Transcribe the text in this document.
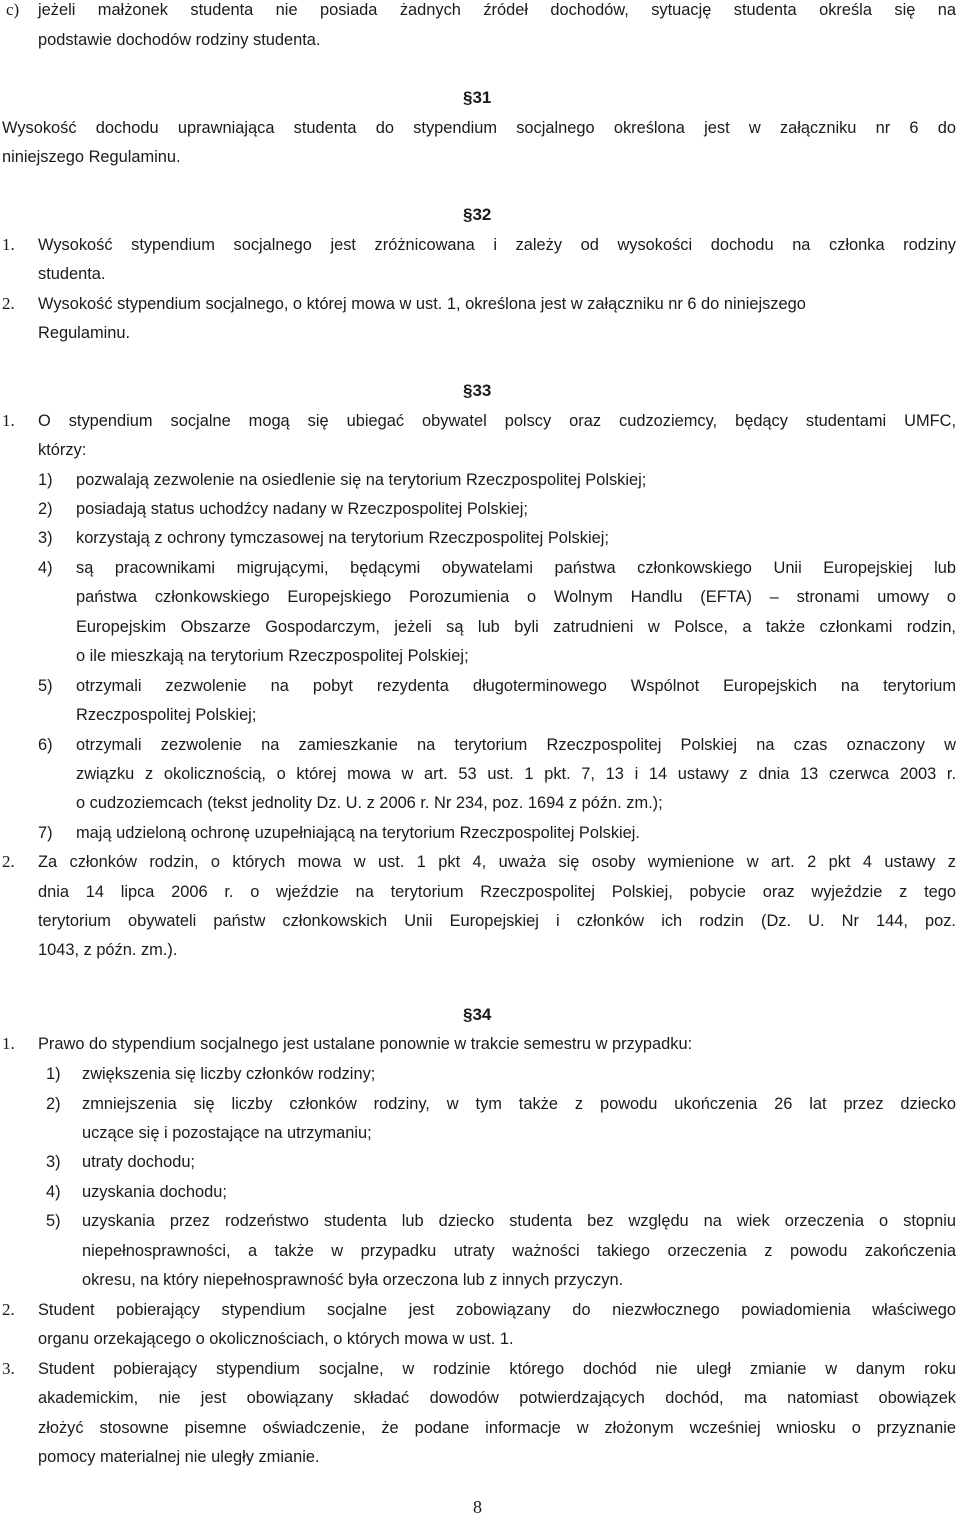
c) jeżeli małżonek studenta nie posiada żadnych źródeł dochodów, sytuację studenta określa się na
podstawie dochodów rodziny studenta.
§ 31
Wysokość dochodu uprawniająca studenta do stypendium socjalnego określona jest w załączniku nr 6 do
niniejszego Regulaminu.
§ 32
1. Wysokość stypendium socjalnego jest zróżnicowana i zależy od wysokości dochodu na członka rodziny
studenta.
2. Wysokość stypendium socjalnego, o której mowa w ust. 1, określona jest w załączniku nr 6 do niniejszego
Regulaminu.
§ 33
1. O stypendium socjalne mogą się ubiegać obywatel polscy oraz cudzoziemcy, będący studentami UMFC,
którzy:
1) pozwalają zezwolenie na osiedlenie się na terytorium Rzeczpospolitej Polskiej;
2) posiadają status uchodźcy nadany w Rzeczpospolitej Polskiej;
3) korzystają z ochrony tymczasowej na terytorium Rzeczpospolitej Polskiej;
4) są pracownikami migrującymi, będącymi obywatelami państwa członkowskiego Unii Europejskiej lub
państwa członkowskiego Europejskiego Porozumienia o Wolnym Handlu (EFTA) – stronami umowy o
Europejskim Obszarze Gospodarczym, jeżeli są lub byli zatrudnieni w Polsce, a także członkami rodzin,
o ile mieszkają na terytorium Rzeczpospolitej Polskiej;
5) otrzymali zezwolenie na pobyt rezydenta długoterminowego Wspólnot Europejskich na terytorium
Rzeczpospolitej Polskiej;
6) otrzymali zezwolenie na zamieszkanie na terytorium Rzeczpospolitej Polskiej na czas oznaczony w
związku z okolicznością, o której mowa w art. 53 ust. 1 pkt. 7, 13 i 14 ustawy z dnia 13 czerwca 2003 r.
o cudzoziemcach (tekst jednolity Dz. U. z 2006 r. Nr 234, poz. 1694 z późn. zm.);
7) mają udzieloną ochronę uzupełniającą na terytorium Rzeczpospolitej Polskiej.
2. Za członków rodzin, o których mowa w ust. 1 pkt 4, uważa się osoby wymienione w art. 2 pkt 4 ustawy z
dnia 14 lipca 2006 r. o wjeździe na terytorium Rzeczpospolitej Polskiej, pobycie oraz wyjeździe z tego
terytorium obywateli państw członkowskich Unii Europejskiej i członków ich rodzin (Dz. U. Nr 144, poz.
1043, z późn. zm.).
§ 34
1. Prawo do stypendium socjalnego jest ustalane ponownie w trakcie semestru w przypadku:
1) zwiększenia się liczby członków rodziny;
2) zmniejszenia się liczby członków rodziny, w tym także z powodu ukończenia 26 lat przez dziecko
uczące się i pozostające na utrzymaniu;
3) utraty dochodu;
4) uzyskania dochodu;
5) uzyskania przez rodzeństwo studenta lub dziecko studenta bez względu na wiek orzeczenia o stopniu
niepełnosprawności, a także w przypadku utraty ważności takiego orzeczenia z powodu zakończenia
okresu, na który niepełnosprawność była orzeczona lub z innych przyczyn.
2. Student pobierający stypendium socjalne jest zobowiązany do niezwłocznego powiadomienia właściwego
organu orzekającego o okolicznościach, o których mowa w ust. 1.
3. Student pobierający stypendium socjalne, w rodzinie którego dochód nie uległ zmianie w danym roku
akademickim, nie jest obowiązany składać dowodów potwierdzających dochód, ma natomiast obowiązek
złożyć stosowne pisemne oświadczenie, że podane informacje w złożonym wcześniej wniosku o przyznanie
pomocy materialnej nie uległy zmianie.
8
